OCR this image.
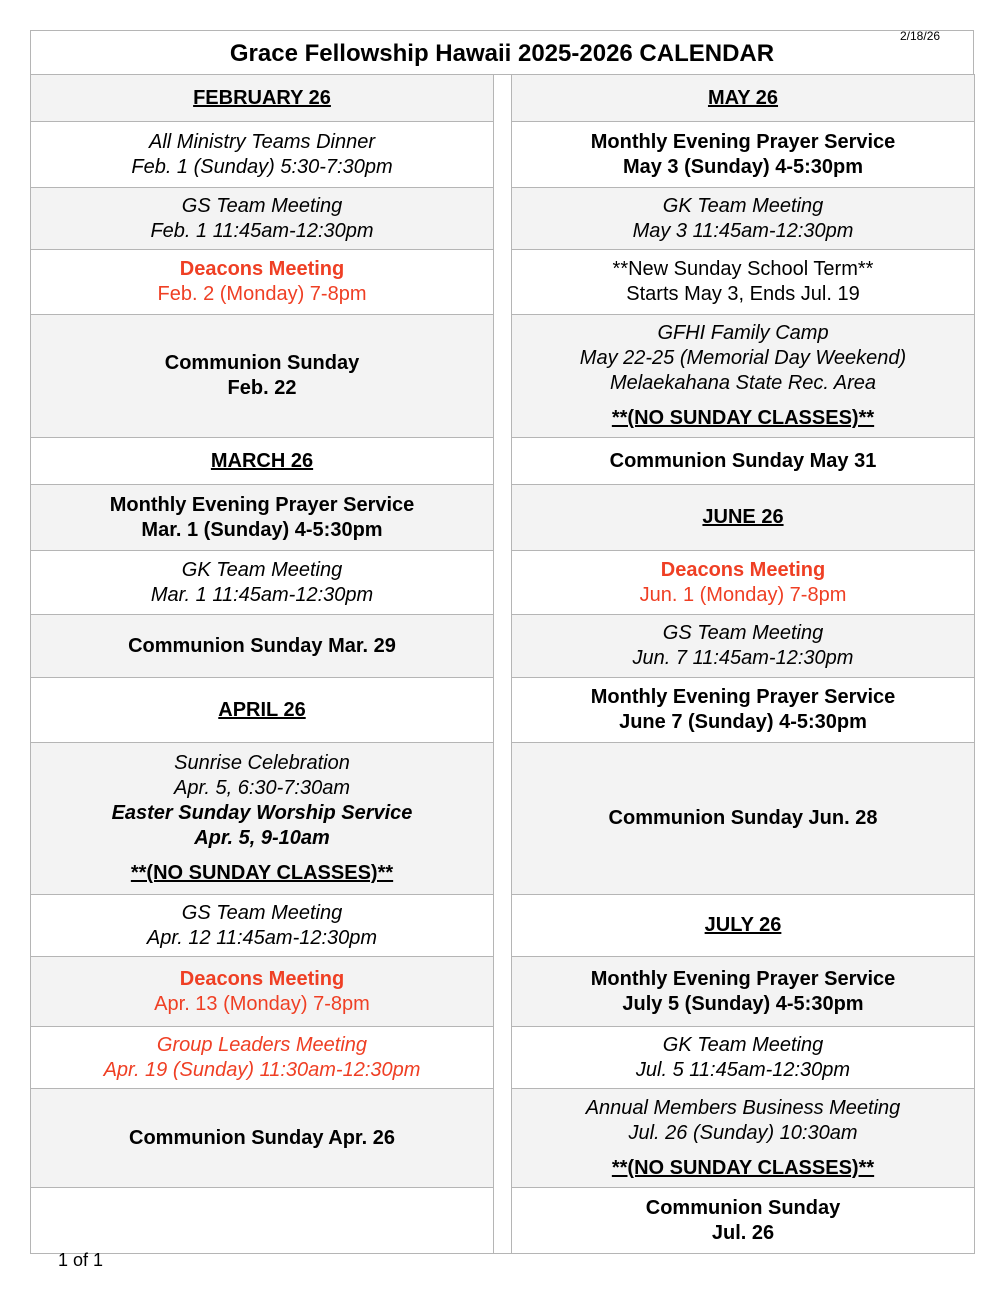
2/18/26
Grace Fellowship Hawaii 2025-2026 CALENDAR
FEBRUARY 26
All Ministry Teams Dinner
Feb. 1 (Sunday) 5:30-7:30pm
GS Team Meeting
Feb. 1 11:45am-12:30pm
Deacons Meeting
Feb. 2 (Monday) 7-8pm
Communion Sunday
Feb. 22
MARCH 26
Monthly Evening Prayer Service
Mar. 1 (Sunday) 4-5:30pm
GK Team Meeting
Mar. 1 11:45am-12:30pm
Communion Sunday Mar. 29
APRIL 26
Sunrise Celebration
Apr. 5, 6:30-7:30am
Easter Sunday Worship Service
Apr. 5, 9-10am
**(NO SUNDAY CLASSES)**
GS Team Meeting
Apr. 12 11:45am-12:30pm
Deacons Meeting
Apr. 13 (Monday) 7-8pm
Group Leaders Meeting
Apr. 19 (Sunday) 11:30am-12:30pm
Communion Sunday Apr. 26
MAY 26
Monthly Evening Prayer Service
May 3 (Sunday) 4-5:30pm
GK Team Meeting
May 3 11:45am-12:30pm
**New Sunday School Term**
Starts May 3, Ends Jul. 19
GFHI Family Camp
May 22-25 (Memorial Day Weekend)
Melaekahana State Rec. Area
**(NO SUNDAY CLASSES)**
Communion Sunday May 31
JUNE 26
Deacons Meeting
Jun. 1 (Monday) 7-8pm
GS Team Meeting
Jun. 7 11:45am-12:30pm
Monthly Evening Prayer Service
June 7 (Sunday) 4-5:30pm
Communion Sunday Jun. 28
JULY 26
Monthly Evening Prayer Service
July 5 (Sunday) 4-5:30pm
GK Team Meeting
Jul. 5 11:45am-12:30pm
Annual Members Business Meeting
Jul. 26 (Sunday) 10:30am
**(NO SUNDAY CLASSES)**
Communion Sunday
Jul. 26
1 of 1
